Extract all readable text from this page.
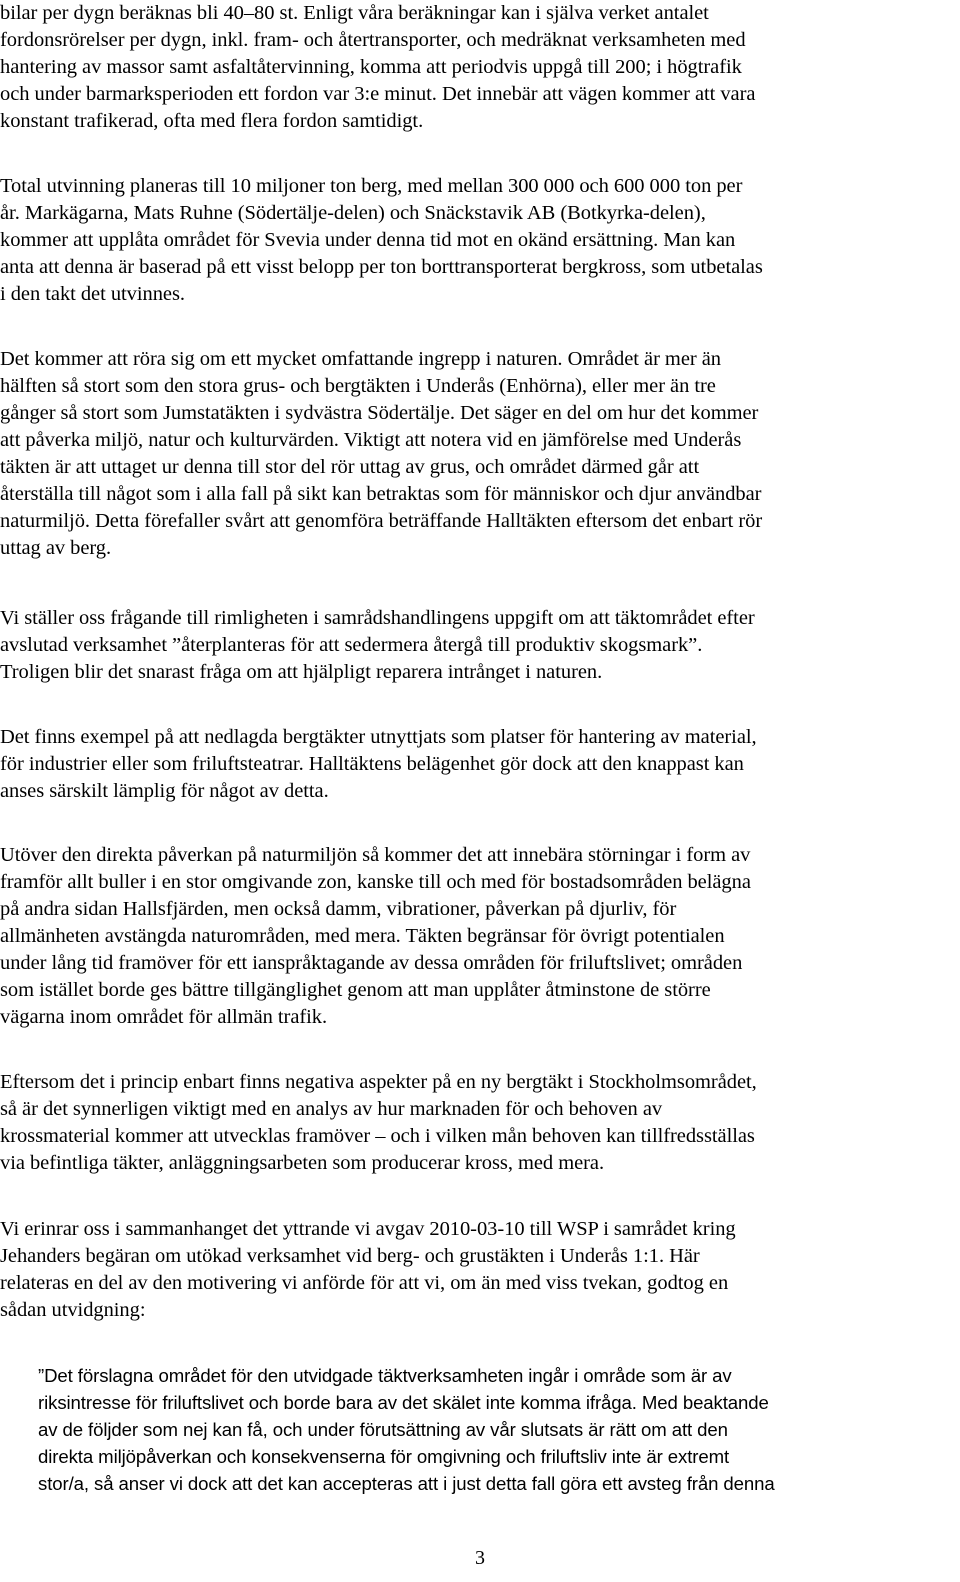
bilar per dygn beräknas bli 40–80 st. Enligt våra beräkningar kan i själva verket antalet
fordonsrörelser per dygn, inkl. fram- och återtransporter, och medräknat verksamheten med
hantering av massor samt asfaltåtervinning, komma att periodvis uppgå till 200; i högtrafik
och under barmarksperioden ett fordon var 3:e minut. Det innebär att vägen kommer att vara
konstant trafikerad, ofta med flera fordon samtidigt.
Total utvinning planeras till 10 miljoner ton berg, med mellan 300 000 och 600 000 ton per
år. Markägarna, Mats Ruhne (Södertälje-delen) och Snäckstavik AB (Botkyrka-delen),
kommer att upplåta området för Svevia under denna tid mot en okänd ersättning. Man kan
anta att denna är baserad på ett visst belopp per ton borttransporterat bergkross, som utbetalas
i den takt det utvinnes.
Det kommer att röra sig om ett mycket omfattande ingrepp i naturen. Området är mer än
hälften så stort som den stora grus- och bergtäkten i Underås (Enhörna), eller mer än tre
gånger så stort som Jumstatäkten i sydvästra Södertälje. Det säger en del om hur det kommer
att påverka miljö, natur och kulturvärden. Viktigt att notera vid en jämförelse med Underås
täkten är att uttaget ur denna till stor del rör uttag av grus, och området därmed går att
återställa till något som i alla fall på sikt kan betraktas som för människor och djur användbar
naturmiljö. Detta förefaller svårt att genomföra beträffande Halltäkten eftersom det enbart rör
uttag av berg.
Vi ställer oss frågande till rimligheten i samrådshandlingens uppgift om att täktområdet efter
avslutad verksamhet ”återplanteras för att sedermera återgå till produktiv skogsmark”.
Troligen blir det snarast fråga om att hjälpligt reparera intrånget i naturen.
Det finns exempel på att nedlagda bergtäkter utnyttjats som platser för hantering av material,
för industrier eller som friluftsteatrar. Halltäktens belägenhet gör dock att den knappast kan
anses särskilt lämplig för något av detta.
Utöver den direkta påverkan på naturmiljön så kommer det att innebära störningar i form av
framför allt buller i en stor omgivande zon, kanske till och med för bostadsområden belägna
på andra sidan Hallsfjärden, men också damm, vibrationer, påverkan på djurliv, för
allmänheten avstängda naturområden, med mera. Täkten begränsar för övrigt potentialen
under lång tid framöver för ett ianspråktagande av dessa områden för friluftslivet; områden
som istället borde ges bättre tillgänglighet genom att man upplåter åtminstone de större
vägarna inom området för allmän trafik.
Eftersom det i princip enbart finns negativa aspekter på en ny bergtäkt i Stockholmsområdet,
så är det synnerligen viktigt med en analys av hur marknaden för och behoven av
krossmaterial kommer att utvecklas framöver – och i vilken mån behoven kan tillfredsställas
via befintliga täkter, anläggningsarbeten som producerar kross, med mera.
Vi erinrar oss i sammanhanget det yttrande vi avgav 2010-03-10 till WSP i samrådet kring
Jehanders begäran om utökad verksamhet vid berg- och grustäkten i Underås 1:1. Här
relateras en del av den motivering vi anförde för att vi, om än med viss tvekan, godtog en
sådan utvidgning:
”Det förslagna området för den utvidgade täktverksamheten ingår i område som är av
riksintresse för friluftslivet och borde bara av det skälet inte komma ifråga. Med beaktande
av de följder som nej kan få, och under förutsättning av vår slutsats är rätt om att den
direkta miljöpåverkan och konsekvenserna för omgivning och friluftsliv inte är extremt
stor/a, så anser vi dock att det kan accepteras att i just detta fall göra ett avsteg från denna
3
